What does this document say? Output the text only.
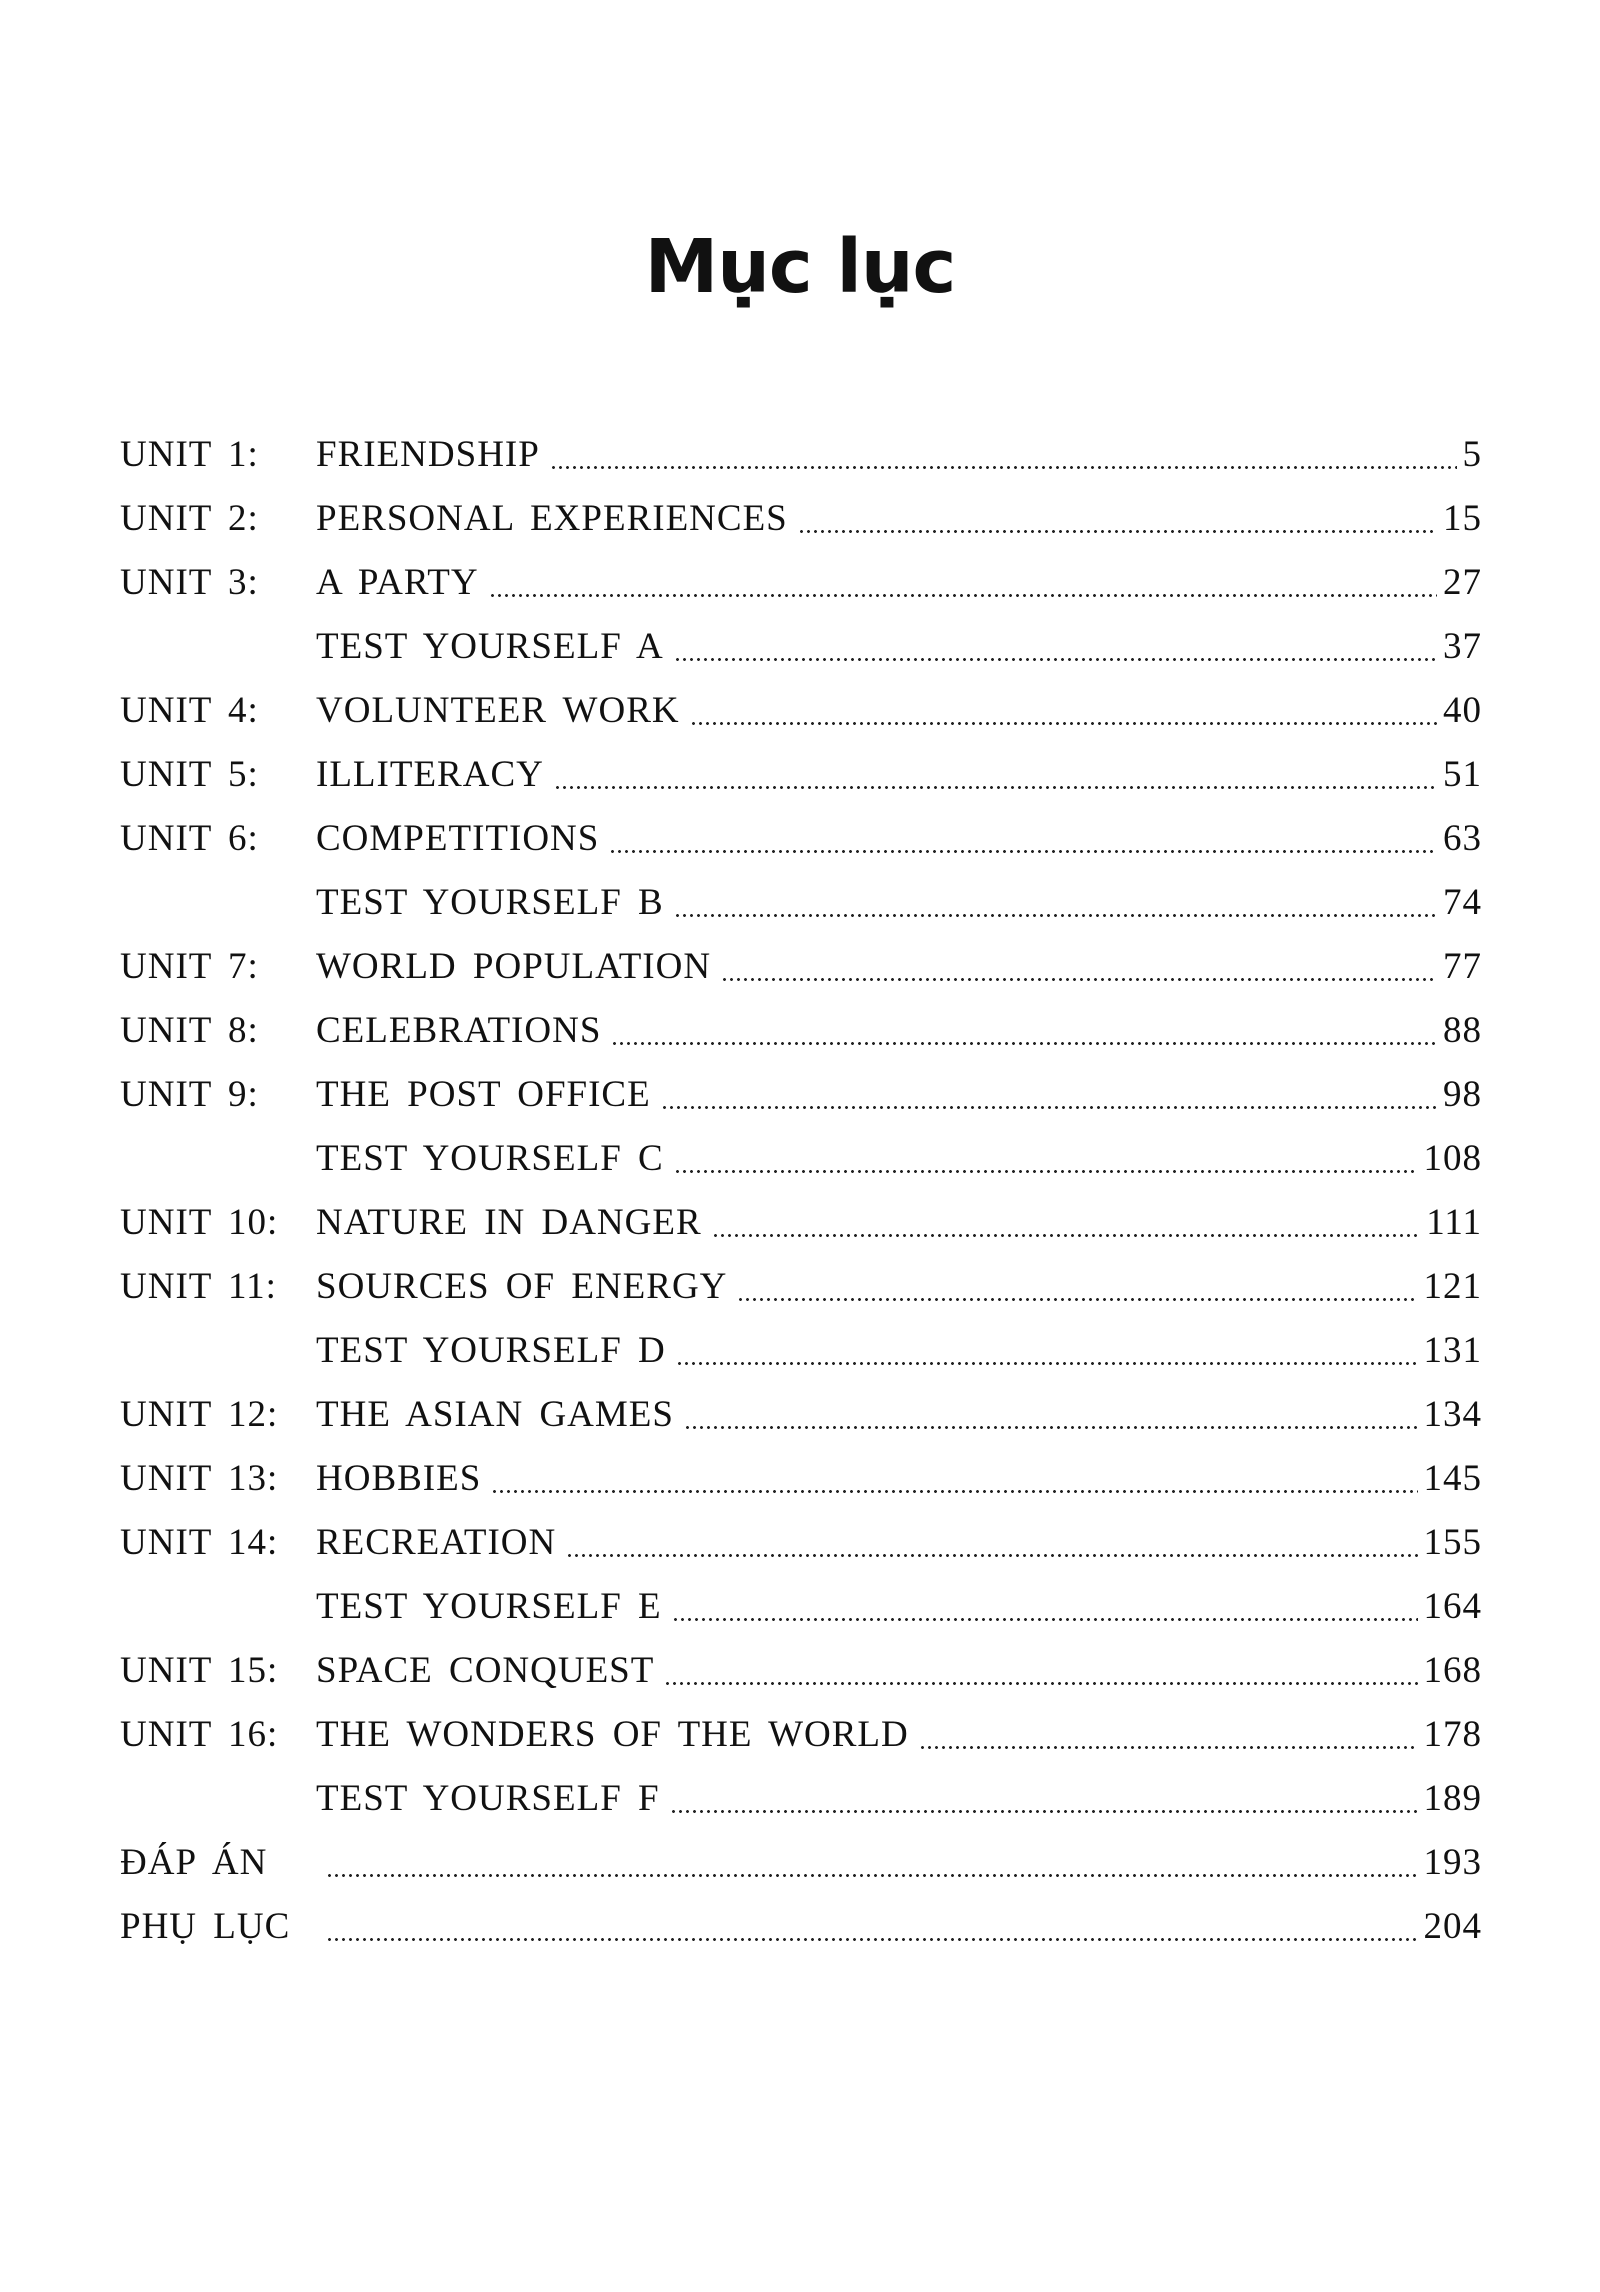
Mục lục
UNIT 1:	FRIENDSHIP	5
UNIT 2:	PERSONAL EXPERIENCES	15
UNIT 3:	A PARTY	27
TEST YOURSELF A	37
UNIT 4:	VOLUNTEER WORK	40
UNIT 5:	ILLITERACY	51
UNIT 6:	COMPETITIONS	63
TEST YOURSELF B	74
UNIT 7:	WORLD POPULATION	77
UNIT 8:	CELEBRATIONS	88
UNIT 9:	THE POST OFFICE	98
TEST YOURSELF C	108
UNIT 10:	NATURE IN DANGER	111
UNIT 11:	SOURCES OF ENERGY	121
TEST YOURSELF D	131
UNIT 12:	THE ASIAN GAMES	134
UNIT 13:	HOBBIES	145
UNIT 14:	RECREATION	155
TEST YOURSELF E	164
UNIT 15:	SPACE CONQUEST	168
UNIT 16:	THE WONDERS OF THE WORLD	178
TEST YOURSELF F	189
ĐÁP ÁN	193
PHỤ LỤC	204
